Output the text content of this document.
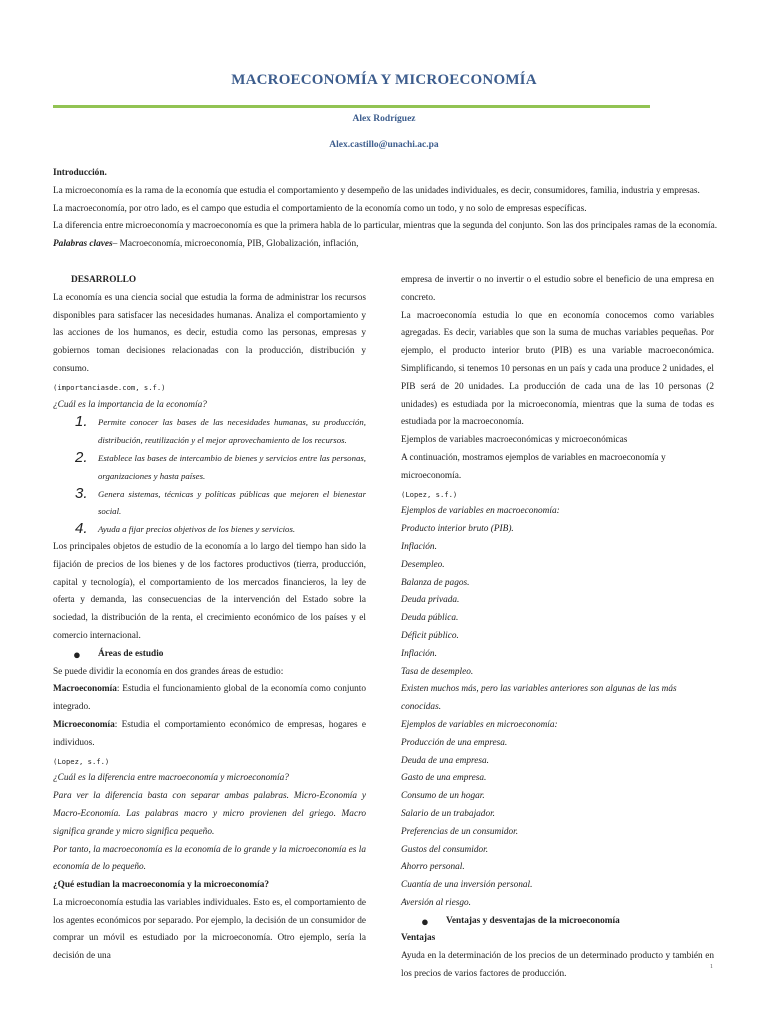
MACROECONOMÍA Y MICROECONOMÍA
Alex Rodríguez
Alex.castillo@unachi.ac.pa

Introducción.

La microeconomía es la rama de la economía que estudia el comportamiento y desempeño de las unidades individuales, es decir, consumidores, familia, industria y empresas.

La macroeconomía, por otro lado, es el campo que estudia el comportamiento de la economía como un todo, y no solo de empresas específicas.

La diferencia entre microeconomía y macroeconomía es que la primera habla de lo particular, mientras que la segunda del conjunto. Son las dos principales ramas de la economía.

Palabras claves– Macroeconomía, microeconomía, PIB, Globalización, inflación,

DESARROLLO

La economía es una ciencia social que estudia la forma de administrar los recursos disponibles para satisfacer las necesidades humanas. Analiza el comportamiento y las acciones de los humanos, es decir, estudia como las personas, empresas y gobiernos toman decisiones relacionadas con la producción, distribución y consumo.

(importanciasde.com, s.f.)

¿Cuál es la importancia de la economía?

1. Permite conocer las bases de las necesidades humanas, su producción, distribución, reutilización y el mejor aprovechamiento de los recursos.
2. Establece las bases de intercambio de bienes y servicios entre las personas, organizaciones y hasta países.
3. Genera sistemas, técnicas y políticas públicas que mejoren el bienestar social.
4. Ayuda a fijar precios objetivos de los bienes y servicios.

Los principales objetos de estudio de la economía a lo largo del tiempo han sido la fijación de precios de los bienes y de los factores productivos (tierra, producción, capital y tecnología), el comportamiento de los mercados financieros, la ley de oferta y demanda, las consecuencias de la intervención del Estado sobre la sociedad, la distribución de la renta, el crecimiento económico de los países y el comercio internacional.

● Áreas de estudio

Se puede dividir la economía en dos grandes áreas de estudio:

Macroeconomía: Estudia el funcionamiento global de la economía como conjunto integrado.

Microeconomía: Estudia el comportamiento económico de empresas, hogares e individuos.

(Lopez, s.f.)

¿Cuál es la diferencia entre macroeconomía y microeconomía?

Para ver la diferencia basta con separar ambas palabras. Micro-Economía y Macro-Economía. Las palabras macro y micro provienen del griego. Macro significa grande y micro significa pequeño.

Por tanto, la macroeconomía es la economía de lo grande y la microeconomía es la economía de lo pequeño.

¿Qué estudian la macroeconomía y la microeconomía?

La microeconomía estudia las variables individuales. Esto es, el comportamiento de los agentes económicos por separado. Por ejemplo, la decisión de un consumidor de comprar un móvil es estudiado por la microeconomía. Otro ejemplo, sería la decisión de una

empresa de invertir o no invertir o el estudio sobre el beneficio de una empresa en concreto.

La macroeconomía estudia lo que en economía conocemos como variables agregadas. Es decir, variables que son la suma de muchas variables pequeñas. Por ejemplo, el producto interior bruto (PIB) es una variable macroeconómica. Simplificando, si tenemos 10 personas en un país y cada una produce 2 unidades, el PIB será de 20 unidades. La producción de cada una de las 10 personas (2 unidades) es estudiada por la microeconomía, mientras que la suma de todas es estudiada por la macroeconomía.

Ejemplos de variables macroeconómicas y microeconómicas

A continuación, mostramos ejemplos de variables en macroeconomía y microeconomía.

(Lopez, s.f.)

Ejemplos de variables en macroeconomía:

Producto interior bruto (PIB).

Inflación.

Desempleo.

Balanza de pagos.

Deuda privada.

Deuda pública.

Déficit público.

Inflación.

Tasa de desempleo.

Existen muchos más, pero las variables anteriores son algunas de las más conocidas.

Ejemplos de variables en microeconomía:

Producción de una empresa.

Deuda de una empresa.

Gasto de una empresa.

Consumo de un hogar.

Salario de un trabajador.

Preferencias de un consumidor.

Gustos del consumidor.

Ahorro personal.

Cuantía de una inversión personal.

Aversión al riesgo.

● Ventajas y desventajas de la microeconomía

Ventajas

Ayuda en la determinación de los precios de un determinado producto y también en los precios de varios factores de producción.

1
